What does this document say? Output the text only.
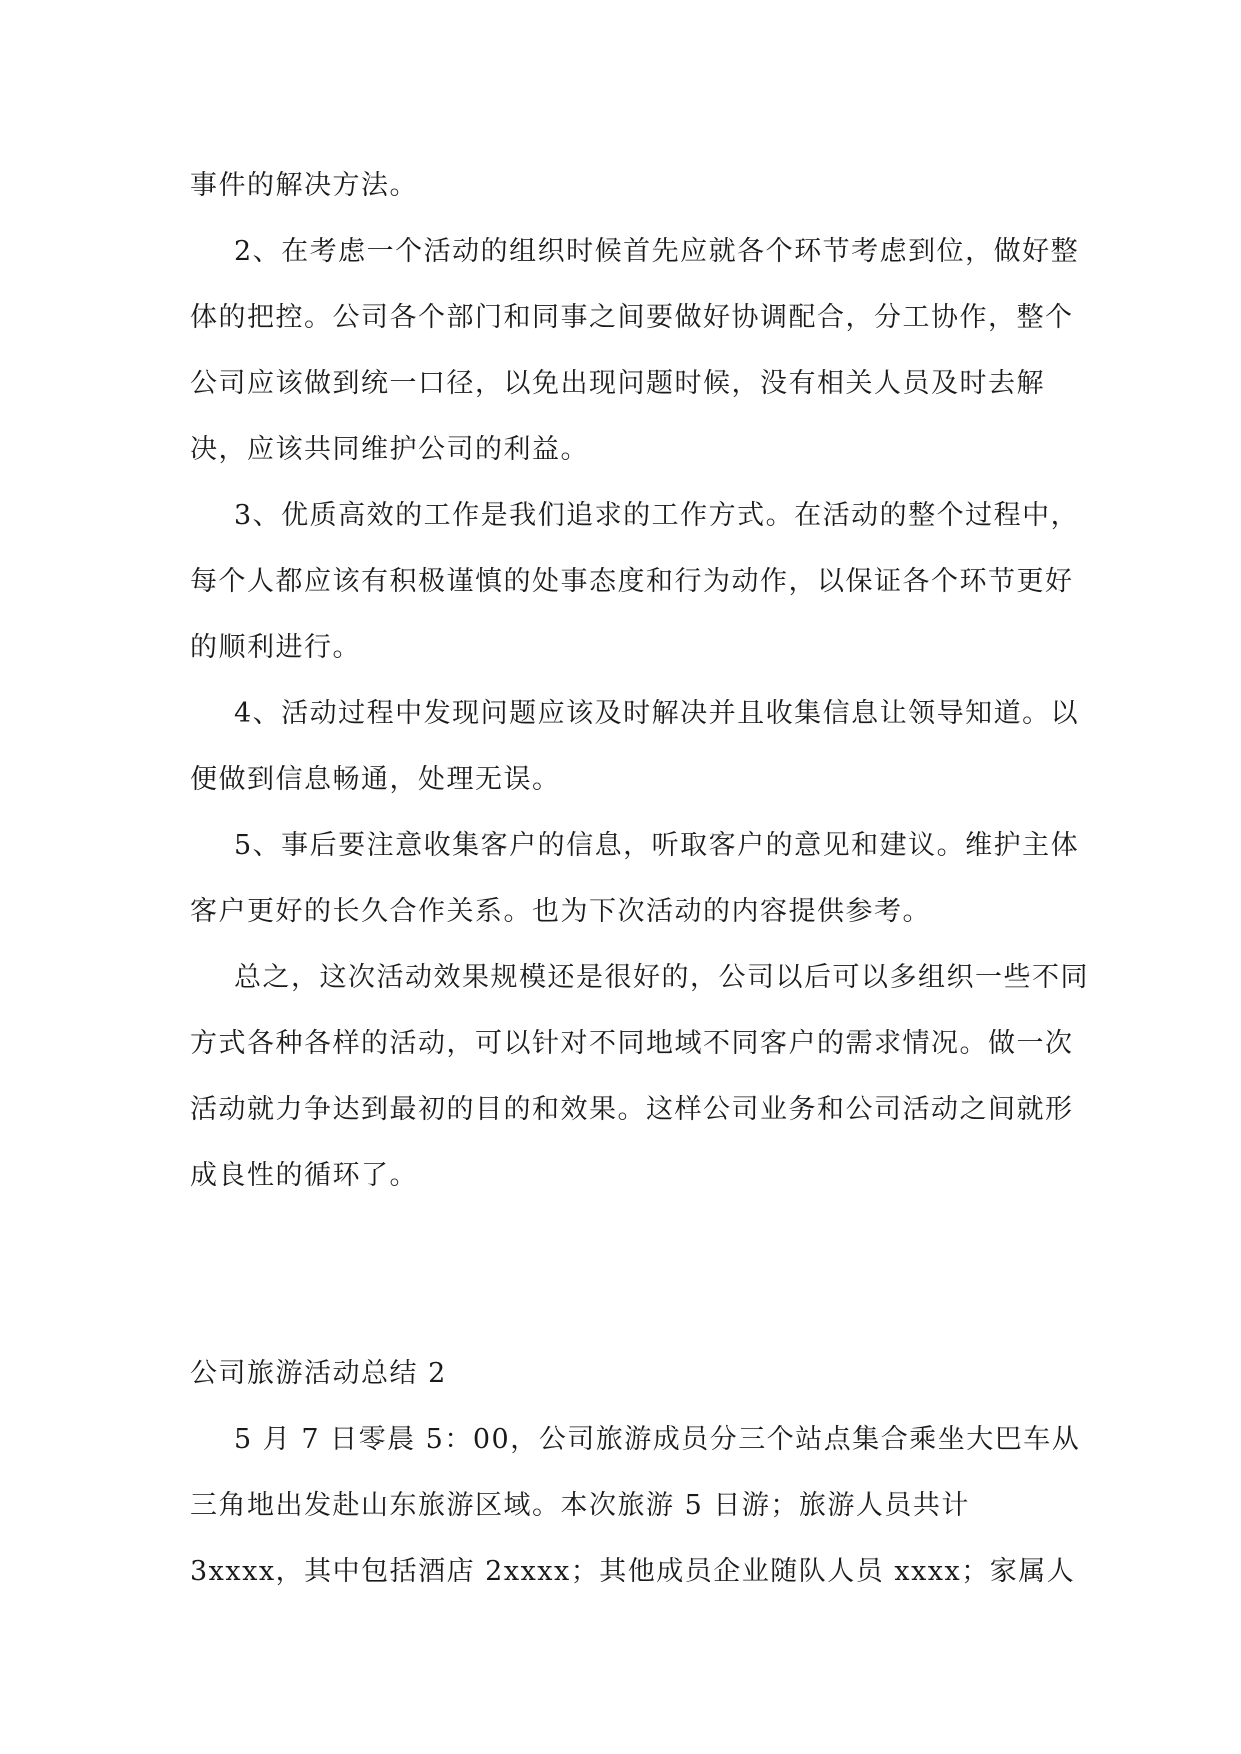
事件的解决方法。

2、在考虑一个活动的组织时候首先应就各个环节考虑到位，做好整体的把控。公司各个部门和同事之间要做好协调配合，分工协作，整个公司应该做到统一口径，以免出现问题时候，没有相关人员及时去解决，应该共同维护公司的利益。

3、优质高效的工作是我们追求的工作方式。在活动的整个过程中，每个人都应该有积极谨慎的处事态度和行为动作，以保证各个环节更好的顺利进行。

4、活动过程中发现问题应该及时解决并且收集信息让领导知道。以便做到信息畅通，处理无误。

5、事后要注意收集客户的信息，听取客户的意见和建议。维护主体客户更好的长久合作关系。也为下次活动的内容提供参考。

总之，这次活动效果规模还是很好的，公司以后可以多组织一些不同方式各种各样的活动，可以针对不同地域不同客户的需求情况。做一次活动就力争达到最初的目的和效果。这样公司业务和公司活动之间就形成良性的循环了。

公司旅游活动总结 2

5 月 7 日零晨 5：00，公司旅游成员分三个站点集合乘坐大巴车从三角地出发赴山东旅游区域。本次旅游 5 日游；旅游人员共计 3xxxx，其中包括酒店 2xxxx；其他成员企业随队人员 xxxx；家属人
